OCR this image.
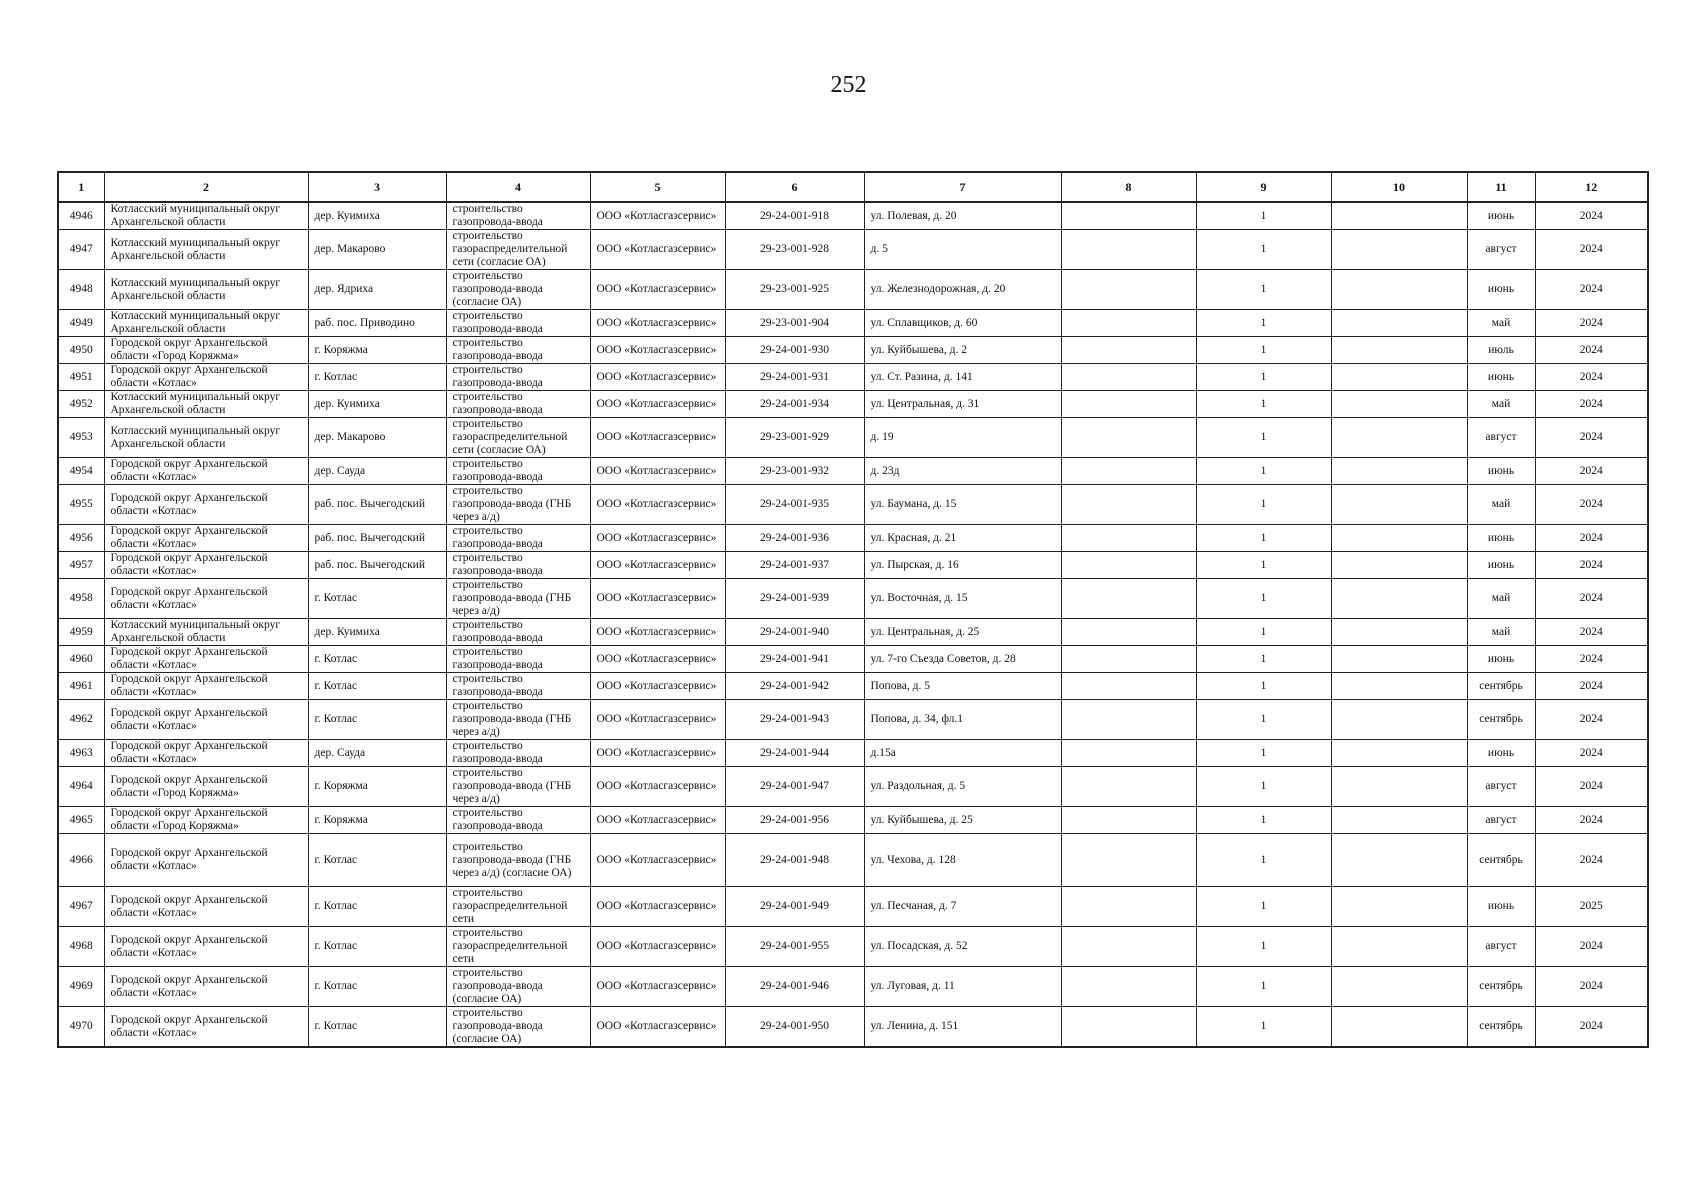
252
1	2	3	4	5	6	7	8	9	10	11	12
4946	Котласский муниципальный округ Архангельской области	дер. Куимиха	строительство газопровода-ввода	ООО «Котласгазсервис»	29-24-001-918	ул. Полевая, д. 20		1		июнь	2024
4947	Котласский муниципальный округ Архангельской области	дер. Макарово	строительство газораспределительной сети (согласие ОА)	ООО «Котласгазсервис»	29-23-001-928	д. 5		1		август	2024
4948	Котласский муниципальный округ Архангельской области	дер. Ядриха	строительство газопровода-ввода (согласие ОА)	ООО «Котласгазсервис»	29-23-001-925	ул. Железнодорожная, д. 20		1		июнь	2024
4949	Котласский муниципальный округ Архангельской области	раб. пос. Приводино	строительство газопровода-ввода	ООО «Котласгазсервис»	29-23-001-904	ул. Сплавщиков, д. 60		1		май	2024
4950	Городской округ Архангельской области «Город Коряжма»	г. Коряжма	строительство газопровода-ввода	ООО «Котласгазсервис»	29-24-001-930	ул. Куйбышева, д. 2		1		июль	2024
4951	Городской округ Архангельской области «Котлас»	г. Котлас	строительство газопровода-ввода	ООО «Котласгазсервис»	29-24-001-931	ул. Ст. Разина, д. 141		1		июнь	2024
4952	Котласский муниципальный округ Архангельской области	дер. Куимиха	строительство газопровода-ввода	ООО «Котласгазсервис»	29-24-001-934	ул. Центральная, д. 31		1		май	2024
4953	Котласский муниципальный округ Архангельской области	дер. Макарово	строительство газораспределительной сети (согласие ОА)	ООО «Котласгазсервис»	29-23-001-929	д. 19		1		август	2024
4954	Городской округ Архангельской области «Котлас»	дер. Сауда	строительство газопровода-ввода	ООО «Котласгазсервис»	29-23-001-932	д. 23д		1		июнь	2024
4955	Городской округ Архангельской области «Котлас»	раб. пос. Вычегодский	строительство газопровода-ввода (ГНБ через а/д)	ООО «Котласгазсервис»	29-24-001-935	ул. Баумана, д. 15		1		май	2024
4956	Городской округ Архангельской области «Котлас»	раб. пос. Вычегодский	строительство газопровода-ввода	ООО «Котласгазсервис»	29-24-001-936	ул. Красная, д. 21		1		июнь	2024
4957	Городской округ Архангельской области «Котлас»	раб. пос. Вычегодский	строительство газопровода-ввода	ООО «Котласгазсервис»	29-24-001-937	ул. Пырская, д. 16		1		июнь	2024
4958	Городской округ Архангельской области «Котлас»	г. Котлас	строительство газопровода-ввода (ГНБ через а/д)	ООО «Котласгазсервис»	29-24-001-939	ул. Восточная, д. 15		1		май	2024
4959	Котласский муниципальный округ Архангельской области	дер. Куимиха	строительство газопровода-ввода	ООО «Котласгазсервис»	29-24-001-940	ул. Центральная, д. 25		1		май	2024
4960	Городской округ Архангельской области «Котлас»	г. Котлас	строительство газопровода-ввода	ООО «Котласгазсервис»	29-24-001-941	ул. 7-го Съезда Советов, д. 28		1		июнь	2024
4961	Городской округ Архангельской области «Котлас»	г. Котлас	строительство газопровода-ввода	ООО «Котласгазсервис»	29-24-001-942	Попова, д. 5		1		сентябрь	2024
4962	Городской округ Архангельской области «Котлас»	г. Котлас	строительство газопровода-ввода (ГНБ через а/д)	ООО «Котласгазсервис»	29-24-001-943	Попова, д. 34, фл.1		1		сентябрь	2024
4963	Городской округ Архангельской области «Котлас»	дер. Сауда	строительство газопровода-ввода	ООО «Котласгазсервис»	29-24-001-944	д.15а		1		июнь	2024
4964	Городской округ Архангельской области «Город Коряжма»	г. Коряжма	строительство газопровода-ввода (ГНБ через а/д)	ООО «Котласгазсервис»	29-24-001-947	ул. Раздольная, д. 5		1		август	2024
4965	Городской округ Архангельской области «Город Коряжма»	г. Коряжма	строительство газопровода-ввода	ООО «Котласгазсервис»	29-24-001-956	ул. Куйбышева, д. 25		1		август	2024
4966	Городской округ Архангельской области «Котлас»	г. Котлас	строительство газопровода-ввода (ГНБ через а/д) (согласие ОА)	ООО «Котласгазсервис»	29-24-001-948	ул. Чехова, д. 128		1		сентябрь	2024
4967	Городской округ Архангельской области «Котлас»	г. Котлас	строительство газораспределительной сети	ООО «Котласгазсервис»	29-24-001-949	ул. Песчаная, д. 7		1		июнь	2025
4968	Городской округ Архангельской области «Котлас»	г. Котлас	строительство газораспределительной сети	ООО «Котласгазсервис»	29-24-001-955	ул. Посадская, д. 52		1		август	2024
4969	Городской округ Архангельской области «Котлас»	г. Котлас	строительство газопровода-ввода (согласие ОА)	ООО «Котласгазсервис»	29-24-001-946	ул. Луговая, д. 11		1		сентябрь	2024
4970	Городской округ Архангельской области «Котлас»	г. Котлас	строительство газопровода-ввода (согласие ОА)	ООО «Котласгазсервис»	29-24-001-950	ул. Ленина, д. 151		1		сентябрь	2024
